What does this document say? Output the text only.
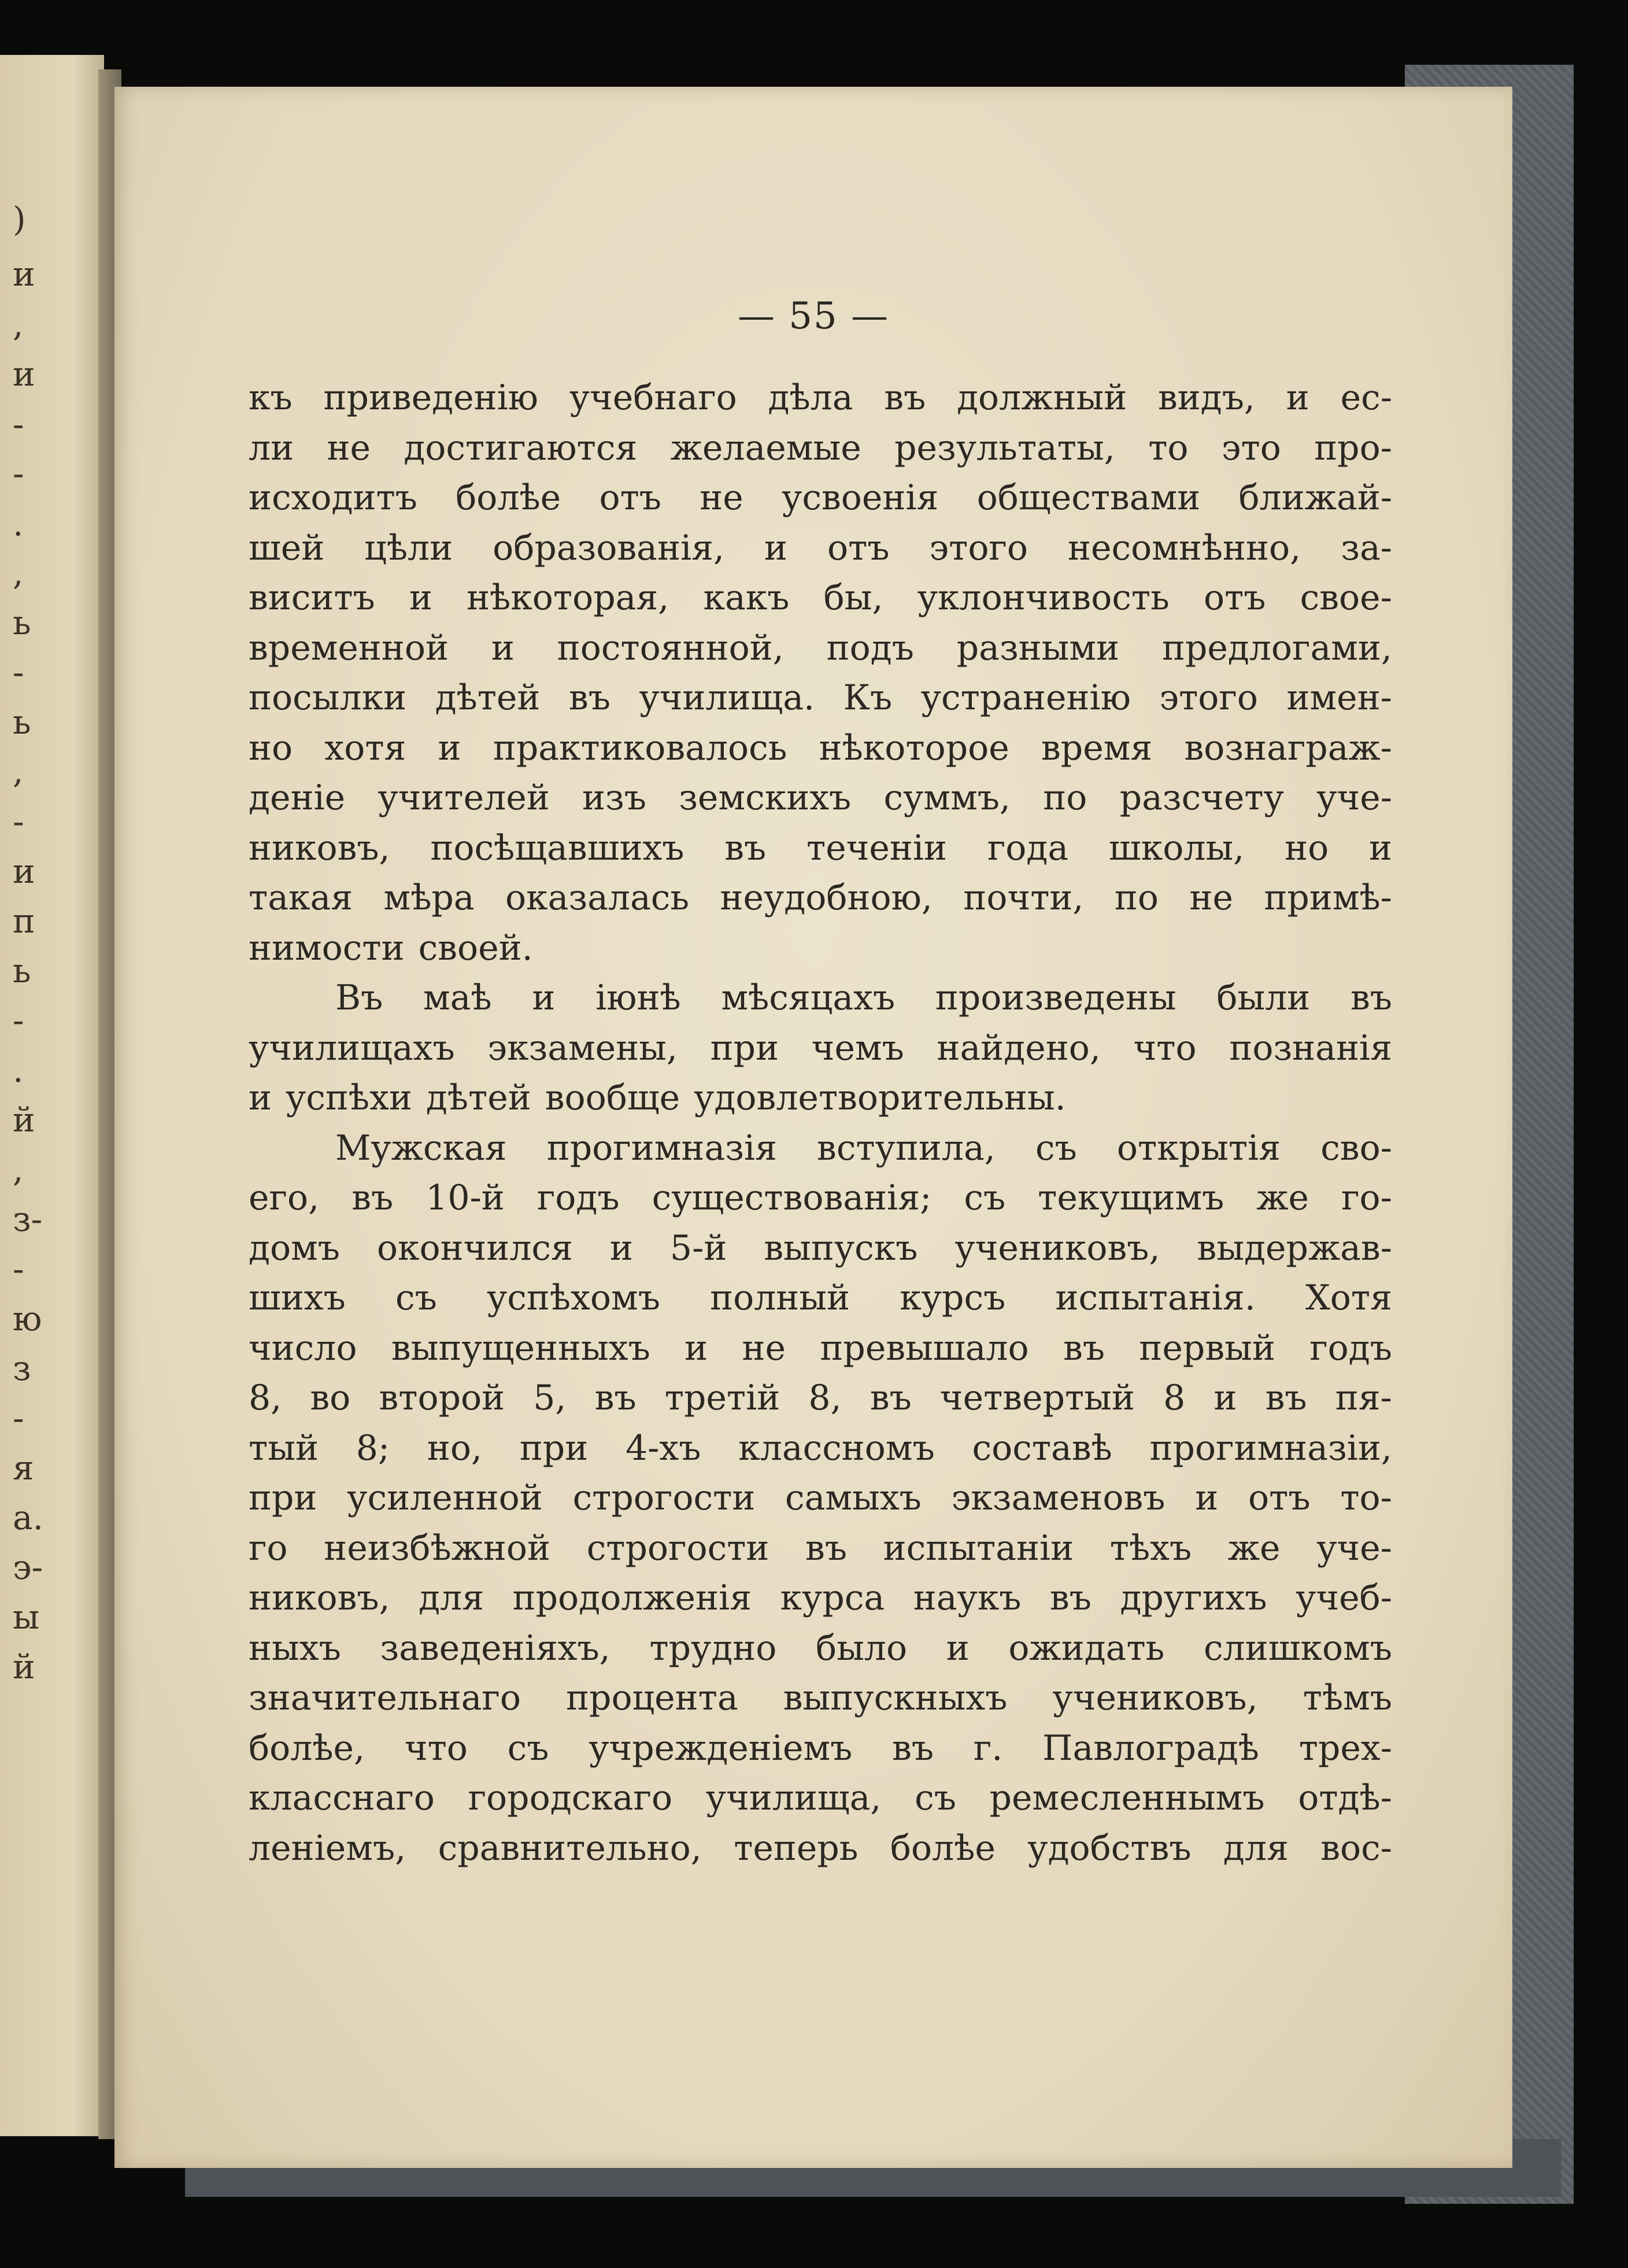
)
и
,
и
-
-
.
,
ь
-
ь
,
-
и
п
ь
-
.
й
,
з-
-
ю
з
-
я
а.
э-
ы
й
— 55 —
къ приведенію учебнаго дѣла въ должный видъ, и ес-
ли не достигаются желаемые результаты, то это про-
исходитъ болѣе отъ не усвоенія обществами ближай-
шей цѣли образованія, и отъ этого несомнѣнно, за-
виситъ и нѣкоторая, какъ бы, уклончивость отъ свое-
временной и постоянной, подъ разными предлогами,
посылки дѣтей въ училища. Къ устраненію этого имен-
но хотя и практиковалось нѣкоторое время вознаграж-
деніе учителей изъ земскихъ суммъ, по разсчету уче-
никовъ, посѣщавшихъ въ теченіи года школы, но и
такая мѣра оказалась неудобною, почти, по не примѣ-
нимости своей.
Въ маѣ и іюнѣ мѣсяцахъ произведены были въ
училищахъ экзамены, при чемъ найдено, что познанія
и успѣхи дѣтей вообще удовлетворительны.
Мужская прогимназія вступила, съ открытія сво-
его, въ 10-й годъ существованія; съ текущимъ же го-
домъ окончился и 5-й выпускъ учениковъ, выдержав-
шихъ съ успѣхомъ полный курсъ испытанія. Хотя
число выпущенныхъ и не превышало въ первый годъ
8, во второй 5, въ третій 8, въ четвертый 8 и въ пя-
тый 8; но, при 4-хъ классномъ составѣ прогимназіи,
при усиленной строгости самыхъ экзаменовъ и отъ то-
го неизбѣжной строгости въ испытаніи тѣхъ же уче-
никовъ, для продолженія курса наукъ въ другихъ учеб-
ныхъ заведеніяхъ, трудно было и ожидать слишкомъ
значительнаго процента выпускныхъ учениковъ, тѣмъ
болѣе, что съ учрежденіемъ въ г. Павлоградѣ трех-
класснаго городскаго училища, съ ремесленнымъ отдѣ-
леніемъ, сравнительно, теперь болѣе удобствъ для вос-
